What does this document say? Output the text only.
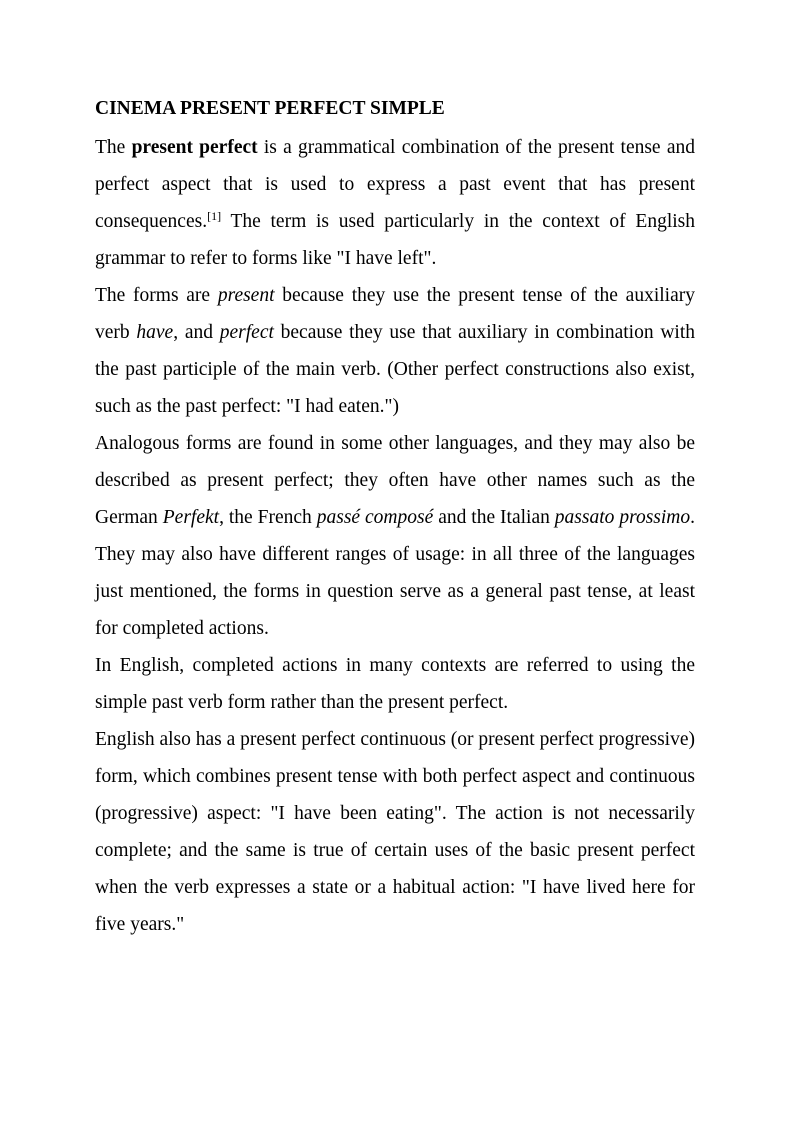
CINEMA PRESENT PERFECT SIMPLE

The present perfect is a grammatical combination of the present tense and perfect aspect that is used to express a past event that has present consequences.[1] The term is used particularly in the context of English grammar to refer to forms like "I have left".

The forms are present because they use the present tense of the auxiliary verb have, and perfect because they use that auxiliary in combination with the past participle of the main verb. (Other perfect constructions also exist, such as the past perfect: "I had eaten.")

Analogous forms are found in some other languages, and they may also be described as present perfect; they often have other names such as the German Perfekt, the French passé composé and the Italian passato prossimo. They may also have different ranges of usage: in all three of the languages just mentioned, the forms in question serve as a general past tense, at least for completed actions.

In English, completed actions in many contexts are referred to using the simple past verb form rather than the present perfect.

English also has a present perfect continuous (or present perfect progressive) form, which combines present tense with both perfect aspect and continuous (progressive) aspect: "I have been eating". The action is not necessarily complete; and the same is true of certain uses of the basic present perfect when the verb expresses a state or a habitual action: "I have lived here for five years."
